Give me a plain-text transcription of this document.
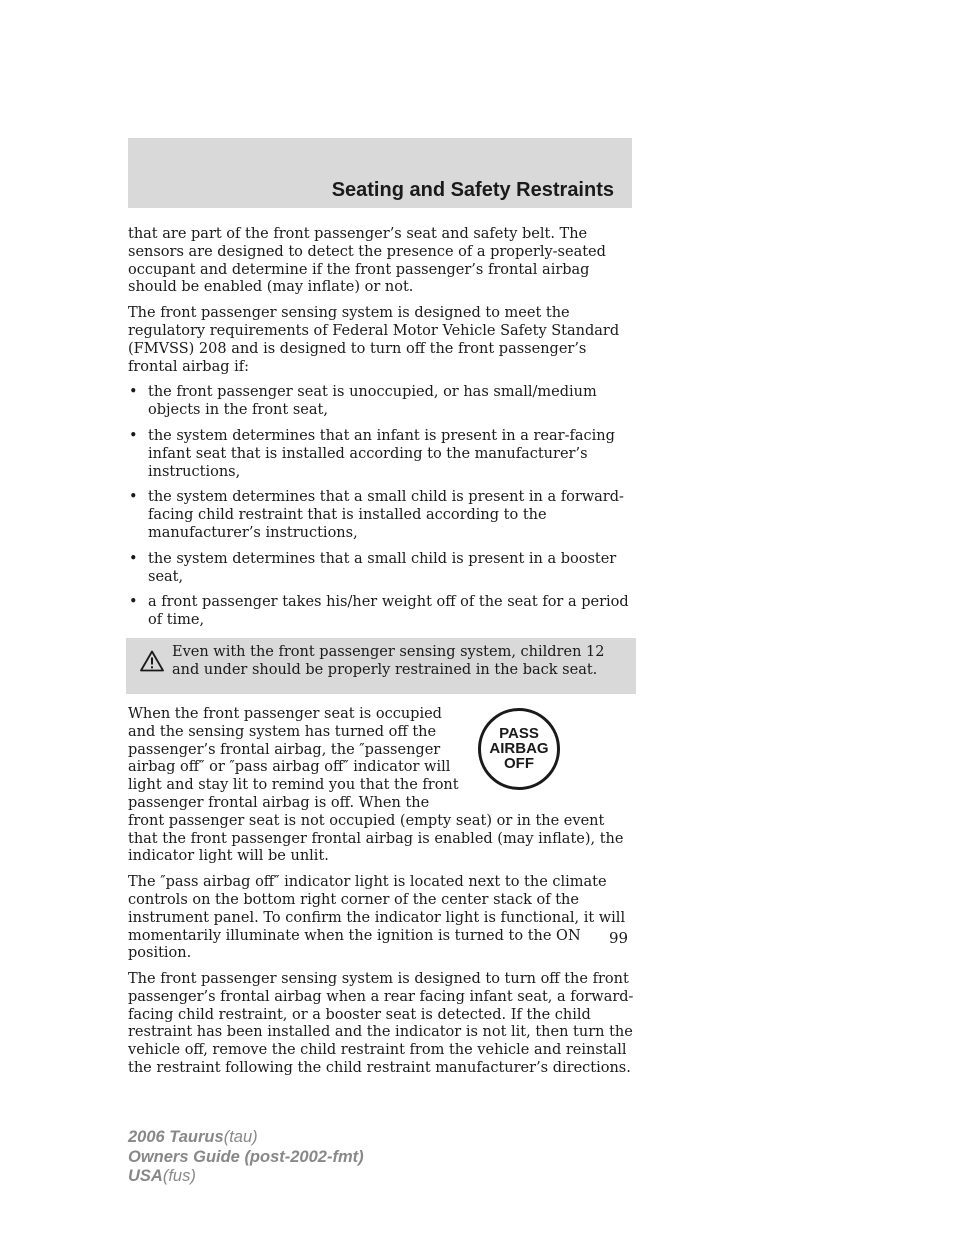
Seating and Safety Restraints

that are part of the front passenger’s seat and safety belt. The sensors are designed to detect the presence of a properly-seated occupant and determine if the front passenger’s frontal airbag should be enabled (may inflate) or not.

The front passenger sensing system is designed to meet the regulatory requirements of Federal Motor Vehicle Safety Standard (FMVSS) 208 and is designed to turn off the front passenger’s frontal airbag if:

• the front passenger seat is unoccupied, or has small/medium objects in the front seat,
• the system determines that an infant is present in a rear-facing infant seat that is installed according to the manufacturer’s instructions,
• the system determines that a small child is present in a forward-facing child restraint that is installed according to the manufacturer’s instructions,
• the system determines that a small child is present in a booster seat,
• a front passenger takes his/her weight off of the seat for a period of time,
Even with the front passenger sensing system, children 12 and under should be properly restrained in the back seat.
PASS
AIRBAG
OFF

When the front passenger seat is occupied and the sensing system has turned off the passenger’s frontal airbag, the ″passenger airbag off″ or ″pass airbag off″ indicator will light and stay lit to remind you that the front passenger frontal airbag is off. When the front passenger seat is not occupied (empty seat) or in the event that the front passenger frontal airbag is enabled (may inflate), the indicator light will be unlit.

The ″pass airbag off″ indicator light is located next to the climate controls on the bottom right corner of the center stack of the instrument panel. To confirm the indicator light is functional, it will momentarily illuminate when the ignition is turned to the ON position.

The front passenger sensing system is designed to turn off the front passenger’s frontal airbag when a rear facing infant seat, a forward-facing child restraint, or a booster seat is detected. If the child restraint has been installed and the indicator is not lit, then turn the vehicle off, remove the child restraint from the vehicle and reinstall the restraint following the child restraint manufacturer’s directions.

99
2006 Taurus(tau)
Owners Guide (post-2002-fmt)
USA(fus)
